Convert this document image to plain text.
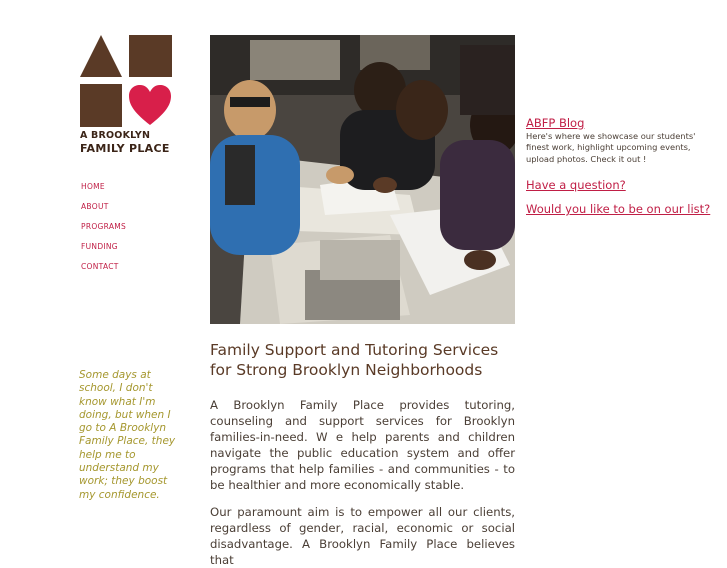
A BROOKLYN
FAMILY PLACE
HOME
ABOUT
PROGRAMS
FUNDING
CONTACT
Some days at school, I don't know what I'm doing, but when I go to A Brooklyn Family Place, they help me to understand my work; they boost my confidence.
Family Support and Tutoring Services
for Strong Brooklyn Neighborhoods

A Brooklyn Family Place provides tutoring, counseling and support services for Brooklyn families-in-need. W e help parents and children navigate the public education system and offer programs that help families - and communities - to be healthier and more economically stable.

Our paramount aim is to empower all our clients, regardless of gender, racial, economic or social disadvantage. A Brooklyn Family Place believes that

ABFP Blog
Here's where we showcase our students'
finest work, highlight upcoming events,
upload photos. Check it out !
Have a question?
Would you like to be on our list?
